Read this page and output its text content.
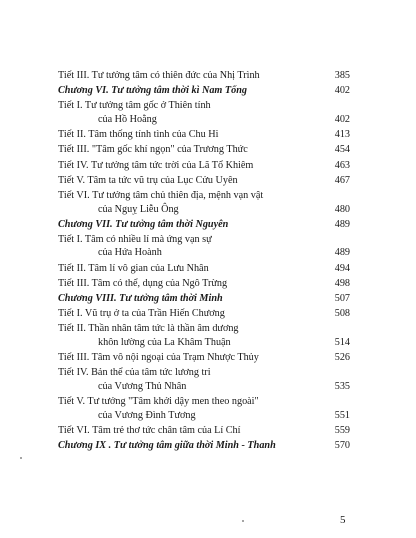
Tiết III. Tư tưởng tâm có thiên đức của Nhị Trình	385
Chương VI. Tư tưởng tâm thời kì Nam Tống	402
Tiết I. Tư tưởng tâm gốc ở Thiên tính
của Hồ Hoằng	402
Tiết II. Tâm thống tính tình của Chu Hi	413
Tiết III. "Tâm gốc khí ngọn" của Trương Thức	454
Tiết IV. Tư tưởng tâm tức trời của Lã Tổ Khiêm	463
Tiết V. Tâm ta tức vũ trụ của Lục Cửu Uyên	467
Tiết VI. Tư tưởng tâm chủ thiên địa, mệnh vạn vật
của Nguỵ Liễu Ông	480
Chương VII. Tư tưởng tâm thời Nguyên	489
Tiết I. Tâm có nhiều lí mà ứng vạn sự
của Hứa Hoành	489
Tiết II. Tâm lí vô gian của Lưu Nhân	494
Tiết III. Tâm có thể, dụng của Ngô Trừng	498
Chương VIII. Tư tưởng tâm thời Minh	507
Tiết I. Vũ trụ ở ta của Trần Hiến Chương	508
Tiết II. Thần nhân tâm tức là thần âm dương
khôn lường của La Khâm Thuận	514
Tiết III. Tâm vô nội ngoại của Trạm Nhược Thủy	526
Tiết IV. Bản thể của tâm tức lương tri
của Vương Thủ Nhân	535
Tiết V. Tư tưởng "Tâm khởi dậy men theo ngoài"
của Vương Đình Tương	551
Tiết VI. Tâm trẻ thơ tức chân tâm của Lí Chí	559
Chương IX . Tư tưởng tâm giữa thời Minh - Thanh	570
5
